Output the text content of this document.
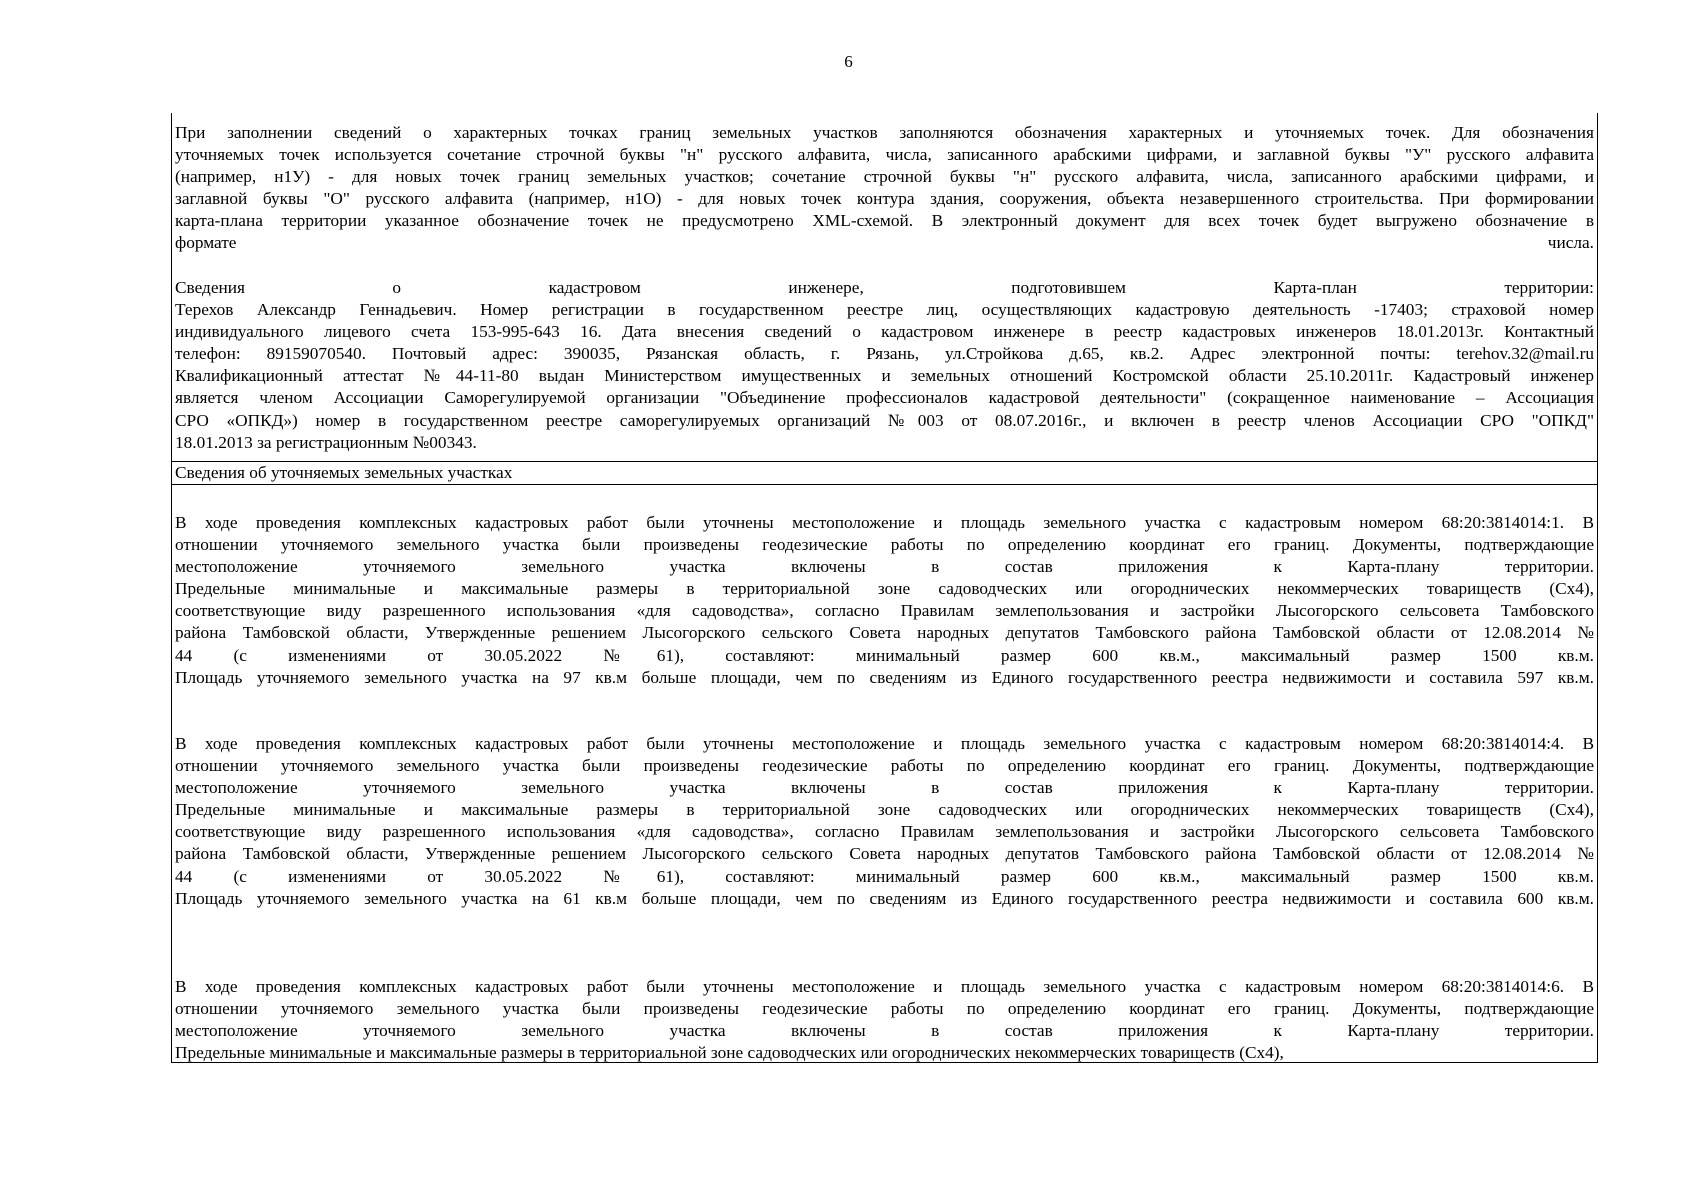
6
При заполнении сведений о характерных точках границ земельных участков заполняются обозначения характерных и уточняемых точек. Для обозначения
уточняемых точек используется сочетание строчной буквы "н" русского алфавита, числа, записанного арабскими цифрами, и заглавной буквы "У" русского алфавита
(например, н1У) - для новых точек границ земельных участков; сочетание строчной буквы "н" русского алфавита, числа, записанного арабскими цифрами, и
заглавной буквы "О" русского алфавита (например, н1О) - для новых точек контура здания, сооружения, объекта незавершенного строительства. При формировании
карта-плана территории указанное обозначение точек не предусмотрено XML-схемой. В электронный документ для всех точек будет выгружено обозначение в
формате числа.
Сведения о кадастровом инженере, подготовившем Карта-план территории:
Терехов Александр Геннадьевич. Номер регистрации в государственном реестре лиц, осуществляющих кадастровую деятельность -17403; страховой номер
индивидуального лицевого счета 153-995-643 16. Дата внесения сведений о кадастровом инженере в реестр кадастровых инженеров 18.01.2013г. Контактный
телефон: 89159070540. Почтовый адрес: 390035, Рязанская область, г. Рязань, ул.Стройкова д.65, кв.2. Адрес электронной почты: terehov.32@mail.ru
Квалификационный аттестат №44-11-80 выдан Министерством имущественных и земельных отношений Костромской области 25.10.2011г. Кадастровый инженер
является членом Ассоциации Саморегулируемой организации "Объединение профессионалов кадастровой деятельности" (сокращенное наименование – Ассоциация
СРО «ОПКД») номер в государственном реестре саморегулируемых организаций №003 от 08.07.2016г., и включен в реестр членов Ассоциации СРО "ОПКД"
18.01.2013 за регистрационным №00343.
Сведения об уточняемых земельных участках
В ходе проведения комплексных кадастровых работ были уточнены местоположение и площадь земельного участка с кадастровым номером 68:20:3814014:1. В
отношении уточняемого земельного участка были произведены геодезические работы по определению координат его границ. Документы, подтверждающие
местоположение уточняемого земельного участка включены в состав приложения к Карта-плану территории.
Предельные минимальные и максимальные размеры в территориальной зоне садоводческих или огороднических некоммерческих товариществ (Сх4),
соответствующие виду разрешенного использования «для садоводства», согласно Правилам землепользования и застройки Лысогорского сельсовета Тамбовского
района Тамбовской области, Утвержденные решением Лысогорского сельского Совета народных депутатов Тамбовского района Тамбовской области от 12.08.2014 №
44 (с изменениями от 30.05.2022 №61), составляют: минимальный размер 600 кв.м., максимальный размер 1500 кв.м.
Площадь уточняемого земельного участка на 97 кв.м больше площади, чем по сведениям из Единого государственного реестра недвижимости и составила 597 кв.м.
В ходе проведения комплексных кадастровых работ были уточнены местоположение и площадь земельного участка с кадастровым номером 68:20:3814014:4. В
отношении уточняемого земельного участка были произведены геодезические работы по определению координат его границ. Документы, подтверждающие
местоположение уточняемого земельного участка включены в состав приложения к Карта-плану территории.
Предельные минимальные и максимальные размеры в территориальной зоне садоводческих или огороднических некоммерческих товариществ (Сх4),
соответствующие виду разрешенного использования «для садоводства», согласно Правилам землепользования и застройки Лысогорского сельсовета Тамбовского
района Тамбовской области, Утвержденные решением Лысогорского сельского Совета народных депутатов Тамбовского района Тамбовской области от 12.08.2014 №
44 (с изменениями от 30.05.2022 №61), составляют: минимальный размер 600 кв.м., максимальный размер 1500 кв.м.
Площадь уточняемого земельного участка на 61 кв.м больше площади, чем по сведениям из Единого государственного реестра недвижимости и составила 600 кв.м.
В ходе проведения комплексных кадастровых работ были уточнены местоположение и площадь земельного участка с кадастровым номером 68:20:3814014:6. В
отношении уточняемого земельного участка были произведены геодезические работы по определению координат его границ. Документы, подтверждающие
местоположение уточняемого земельного участка включены в состав приложения к Карта-плану территории.
Предельные минимальные и максимальные размеры в территориальной зоне садоводческих или огороднических некоммерческих товариществ (Сх4),
